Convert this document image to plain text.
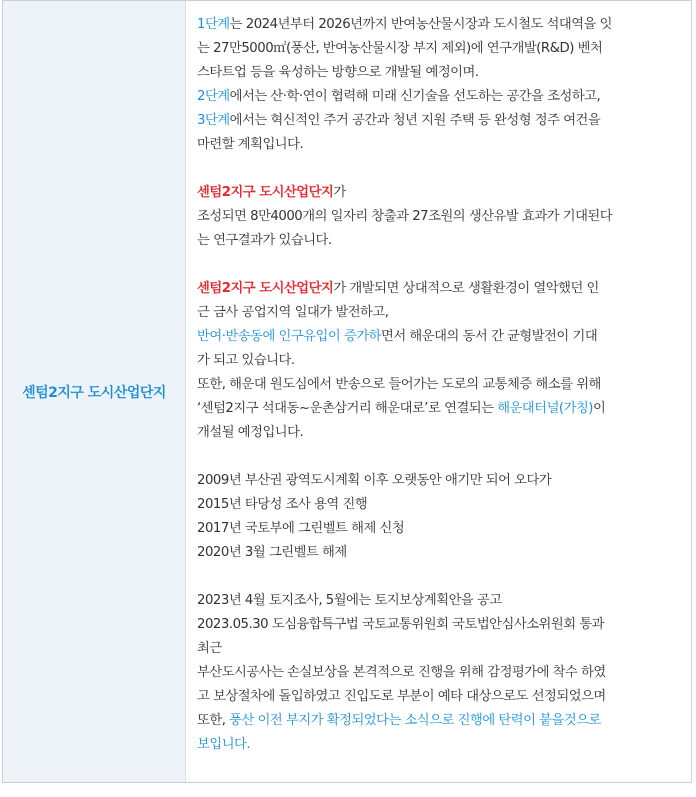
센텀2지구 도시산업단지
1단계는 2024년부터 2026년까지 반여농산물시장과 도시철도 석대역을 잇
는 27만5000㎡(풍산, 반여농산물시장 부지 제외)에 연구개발(R&D) 벤처
스타트업 등을 육성하는 방향으로 개발될 예정이며.
2단계에서는 산·학·연이 협력해 미래 신기술을 선도하는 공간을 조성하고,
3단계에서는 혁신적인 주거 공간과 청년 지원 주택 등 완성형 정주 여건을
마련할 계획입니다.
센텀2지구 도시산업단지가
조성되면 8만4000개의 일자리 창출과 27조원의 생산유발 효과가 기대된다
는 연구결과가 있습니다.
센텀2지구 도시산업단지가 개발되면 상대적으로 생활환경이 열악했던 인
근 금사 공업지역 일대가 발전하고,
반여·반송동에 인구유입이 증가하면서 해운대의 동서 간 균형발전이 기대
가 되고 있습니다.
또한, 해운대 원도심에서 반송으로 들어가는 도로의 교통체증 해소를 위해
‘센텀2지구 석대동~운촌삼거리 해운대로’로 연결되는 해운대터널(가칭)이
개설될 예정입니다.
2009년 부산권 광역도시계획 이후 오랫동안 애기만 되어 오다가
2015년 타당성 조사 용역 진행
2017년 국토부에 그린벨트 해제 신청
2020년 3월 그린벨트 해제
2023년 4월 토지조사, 5월에는 토지보상계획안을 공고
2023.05.30 도심융합특구법 국토교통위원회 국토법안심사소위원회 통과
최근
부산도시공사는 손실보상을 본격적으로 진행을 위해 감정평가에 착수 하였
고 보상절차에 돌입하였고 진입도로 부분이 예타 대상으로도 선정되었으며
또한, 풍산 이전 부지가 확정되었다는 소식으로 진행에 탄력이 붙을것으로
보입니다.
